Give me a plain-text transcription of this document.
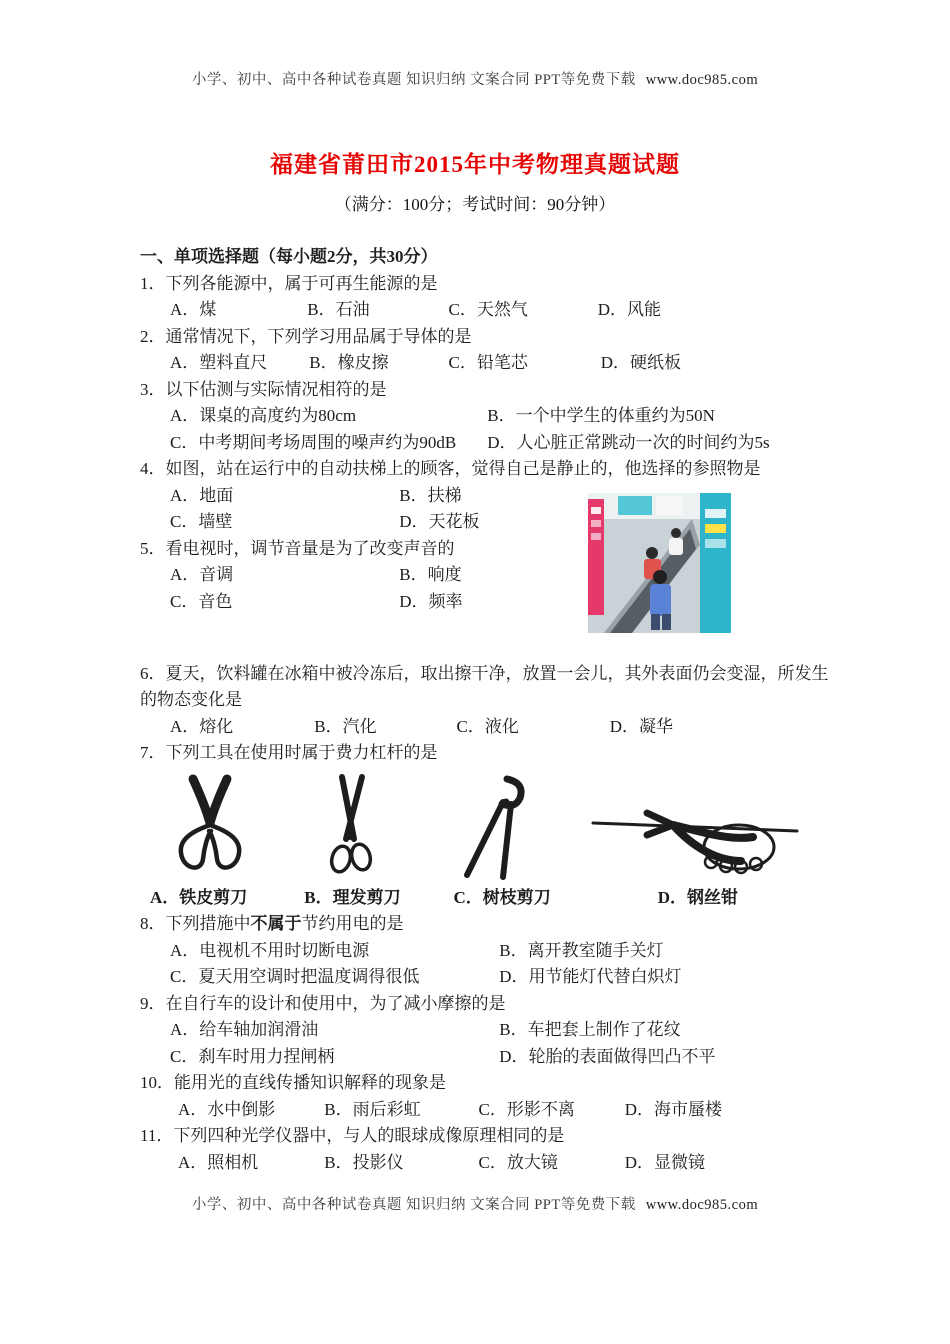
小学、初中、高中各种试卷真题 知识归纳 文案合同 PPT等免费下载 www.doc985.com
福建省莆田市2015年中考物理真题试题
（满分：100分；考试时间：90分钟）
一、单项选择题（每小题2分，共30分）
1．下列各能源中，属于可再生能源的是
A．煤	B．石油	C．天然气	D．风能
2．通常情况下，下列学习用品属于导体的是
A．塑料直尺 B．橡皮擦	C．铅笔芯	D．硬纸板
3．以下估测与实际情况相符的是
A．课桌的高度约为80cm	B．一个中学生的体重约为50N
C．中考期间考场周围的噪声约为90dB D．人心脏正常跳动一次的时间约为5s
4．如图，站在运行中的自动扶梯上的顾客，觉得自己是静止的，他选择的参照物是
A．地面	B．扶梯
C．墙壁	D．天花板
5．看电视时，调节音量是为了改变声音的
A．音调	B．响度
C．音色	D．频率
6．夏天，饮料罐在冰箱中被冷冻后，取出擦干净，放置一会儿，其外表面仍会变湿，所发生的物态变化是
A．熔化	B．汽化	C．液化	D．凝华
7．下列工具在使用时属于费力杠杆的是
A．铁皮剪刀	B．理发剪刀	C．树枝剪刀	D．钢丝钳
8．下列措施中不属于节约用电的是
A．电视机不用时切断电源	B．离开教室随手关灯
C．夏天用空调时把温度调得很低	D．用节能灯代替白炽灯
9．在自行车的设计和使用中，为了减小摩擦的是
A．给车轴加润滑油	B．车把套上制作了花纹
C．刹车时用力捏闸柄	D．轮胎的表面做得凹凸不平
10．能用光的直线传播知识解释的现象是
A．水中倒影	B．雨后彩虹	C．形影不离	D．海市蜃楼
11．下列四种光学仪器中，与人的眼球成像原理相同的是
A．照相机	B．投影仪	C．放大镜	D．显微镜
小学、初中、高中各种试卷真题 知识归纳 文案合同 PPT等免费下载 www.doc985.com
